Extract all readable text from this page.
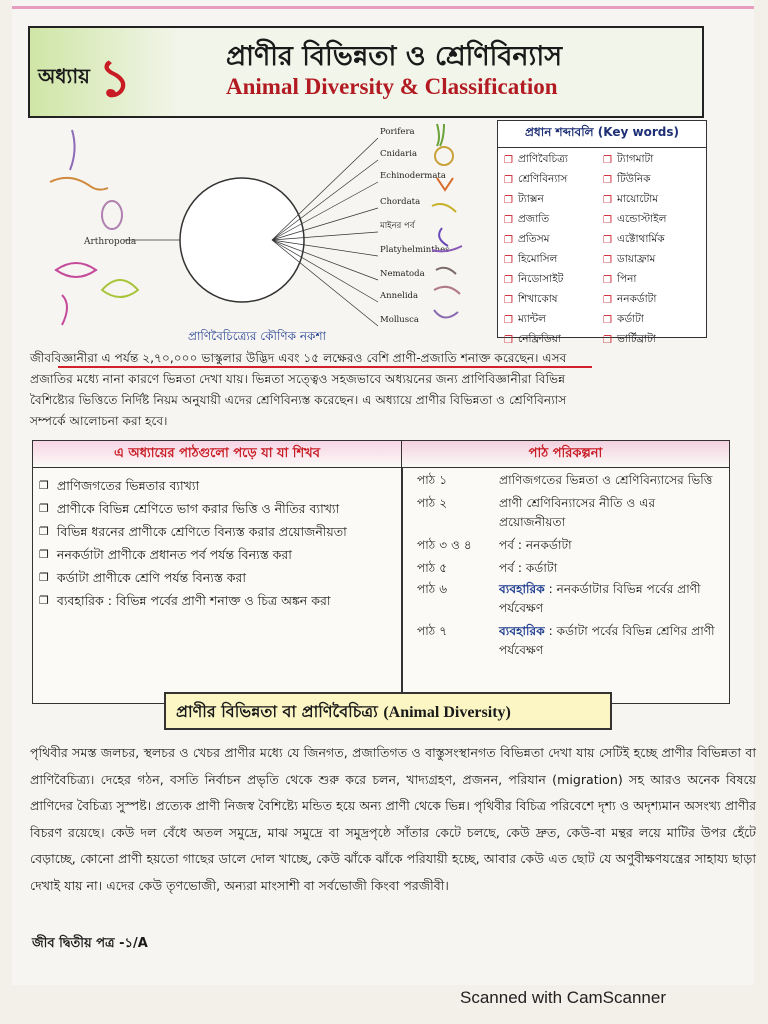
অধ্যায় ১	প্রাণীর বিভিন্নতা ও শ্রেণিবিন্যাস
Animal Diversity & Classification
Arthropoda
Porifera
Cnidaria
Echinodermata
Chordata
মাইনর পর্ব
Platyhelminthes
Nematoda
Annelida
Mollusca
প্রাণিবৈচিত্র্যের কৌণিক নকশা
প্রধান শব্দাবলি (Key words)
❐ প্রাণিবৈচিত্র্য	❐ ট্যাগমাটা
❐ শ্রেণিবিন্যাস	❐ টিউনিক
❐ ট্যাক্সন	❐ মায়োটোম
❐ প্রজাতি	❐ এন্ডোস্টাইল
❐ প্রতিসম	❐ এক্টোথার্মিক
❐ হিমোসিল	❐ ডায়াফ্রাম
❐ নিডোসাইট	❐ পিনা
❐ শিখাকোষ	❐ ননকর্ডাটা
❐ ম্যান্টল	❐ কর্ডাটা
❐ নেফ্রিডিয়া	❐ ভার্টিব্রাটা
জীববিজ্ঞানীরা এ পর্যন্ত ২,৭০,০০০ ভাস্কুলার উদ্ভিদ এবং ১৫ লক্ষেরও বেশি প্রাণী-প্রজাতি শনাক্ত করেছেন। এসব
প্রজাতির মধ্যে নানা কারণে ভিন্নতা দেখা যায়। ভিন্নতা সত্ত্বেও সহজভাবে অধ্যয়নের জন্য প্রাণিবিজ্ঞানীরা বিভিন্ন
বৈশিষ্ট্যের ভিত্তিতে নির্দিষ্ট নিয়ম অনুযায়ী এদের শ্রেণিবিন্যস্ত করেছেন। এ অধ্যায়ে প্রাণীর বিভিন্নতা ও শ্রেণিবিন্যাস
সম্পর্কে আলোচনা করা হবে।
এ অধ্যায়ের পাঠগুলো পড়ে যা যা শিখব	পাঠ পরিকল্পনা
❐ প্রাণিজগতের ভিন্নতার ব্যাখ্যা
❐ প্রাণীকে বিভিন্ন শ্রেণিতে ভাগ করার ভিত্তি ও নীতির ব্যাখ্যা
❐ বিভিন্ন ধরনের প্রাণীকে শ্রেণিতে বিন্যস্ত করার প্রয়োজনীয়তা
❐ ননকর্ডাটা প্রাণীকে প্রধানত পর্ব পর্যন্ত বিন্যস্ত করা
❐ কর্ডাটা প্রাণীকে শ্রেণি পর্যন্ত বিন্যস্ত করা
❐ ব্যবহারিক : বিভিন্ন পর্বের প্রাণী শনাক্ত ও চিত্র অঙ্কন করা
পাঠ ১	প্রাণিজগতের ভিন্নতা ও শ্রেণিবিন্যাসের ভিত্তি
পাঠ ২	প্রাণী শ্রেণিবিন্যাসের নীতি ও এর প্রয়োজনীয়তা
পাঠ ৩ ও ৪	পর্ব : ননকর্ডাটা
পাঠ ৫	পর্ব : কর্ডাটা
পাঠ ৬	ব্যবহারিক : ননকর্ডাটার বিভিন্ন পর্বের প্রাণী পর্যবেক্ষণ
পাঠ ৭	ব্যবহারিক : কর্ডাটা পর্বের বিভিন্ন শ্রেণির প্রাণী পর্যবেক্ষণ
প্রাণীর বিভিন্নতা বা প্রাণিবৈচিত্র্য (Animal Diversity)
পৃথিবীর সমস্ত জলচর, স্থলচর ও খেচর প্রাণীর মধ্যে যে জিনগত, প্রজাতিগত ও বাস্তুসংস্থানগত বিভিন্নতা দেখা যায় সেটিই হচ্ছে প্রাণীর বিভিন্নতা বা প্রাণিবৈচিত্র্য। দেহের গঠন, বসতি নির্বাচন প্রভৃতি থেকে শুরু করে চলন, খাদ্যগ্রহণ, প্রজনন, পরিযান (migration) সহ আরও অনেক বিষয়ে প্রাণিদের বৈচিত্র্য সুস্পষ্ট। প্রত্যেক প্রাণী নিজস্ব বৈশিষ্ট্যে মন্ডিত হয়ে অন্য প্রাণী থেকে ভিন্ন। পৃথিবীর বিচিত্র পরিবেশে দৃশ্য ও অদৃশ্যমান অসংখ্য প্রাণীর বিচরণ রয়েছে। কেউ দল বেঁধে অতল সমুদ্রে, মাঝ সমুদ্রে বা সমুদ্রপৃষ্ঠে সাঁতার কেটে চলছে, কেউ দ্রুত, কেউ-বা মন্থর লয়ে মাটির উপর হেঁটে বেড়াচ্ছে, কোনো প্রাণী হয়তো গাছের ডালে দোল খাচ্ছে, কেউ ঝাঁকে ঝাঁকে পরিযায়ী হচ্ছে, আবার কেউ এত ছোট যে অণুবীক্ষণযন্ত্রের সাহায্য ছাড়া দেখাই যায় না। এদের কেউ তৃণভোজী, অন্যরা মাংসাশী বা সর্বভোজী কিংবা পরজীবী।
জীব দ্বিতীয় পত্র -১/A
Scanned with CamScanner
